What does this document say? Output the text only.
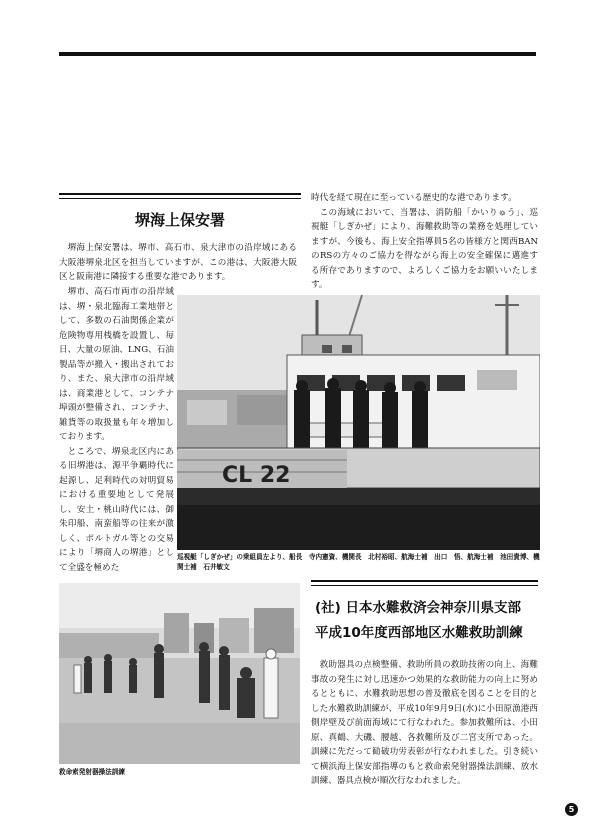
堺海上保安署

堺海上保安署は、堺市、高石市、泉大津市の沿岸域にある大阪港堺泉北区を担当していますが、この港は、大阪港大阪区と阪南港に隣接する重要な港であります。

堺市、高石市両市の沿岸域は、堺・泉北臨海工業地帯として、多数の石油関係企業が危険物専用桟橋を設置し、毎日、大量の原油、LNG、石油製品等が搬入・搬出されており、また、泉大津市の沿岸域は、商業港として、コンテナ埠頭が整備され、コンテナ、雑貨等の取扱量も年々増加しております。

ところで、堺泉北区内にある旧堺港は、源平争覇時代に起源し、足利時代の対明貿易における重要地として発展し、安土・桃山時代には、御朱印船、南蛮船等の往来が激しく、ポルトガル等との交易により「堺商人の堺港」として全盛を極めた

時代を経て現在に至っている歴史的な港であります。

この海域において、当署は、消防船「かいりゅう」、巡視艇「しぎかぜ」により、海難救助等の業務を処理していますが、今後も、海上安全指導員5名の皆様方と関西BANのRSの方々のご協力を得ながら海上の安全確保に邁進する所存でありますので、よろしくご協力をお願いいたします。

CL 22
巡視艇「しぎかぜ」の乗組員左より、船長　寺内憲資、機関長　北村裕昭、航海士補　出口　悟、航海士補　池田貴博、機関士補　石井敏文
(社) 日本水難救済会神奈川県支部
平成10年度西部地区水難救助訓練

救助器具の点検整備、救助所員の救助技術の向上、海難事故の発生に対し迅速かつ効果的な救助能力の向上に努めるとともに、水難救助思想の普及徹底を図ることを目的とした水難救助訓練が、平成10年9月9日(水)に小田原漁港西側岸壁及び前面海域にて行なわれた。参加救難所は、小田原、真鶴、大磯、腰越、各救難所及び二宮支所であった。訓練に先だって勧破功労表彰が行なわれました。引き続いて横浜海上保安部指導のもと救命索発射器操法訓練、放水訓練、器具点検が順次行なわれました。

救命索発射器操法訓練
5
